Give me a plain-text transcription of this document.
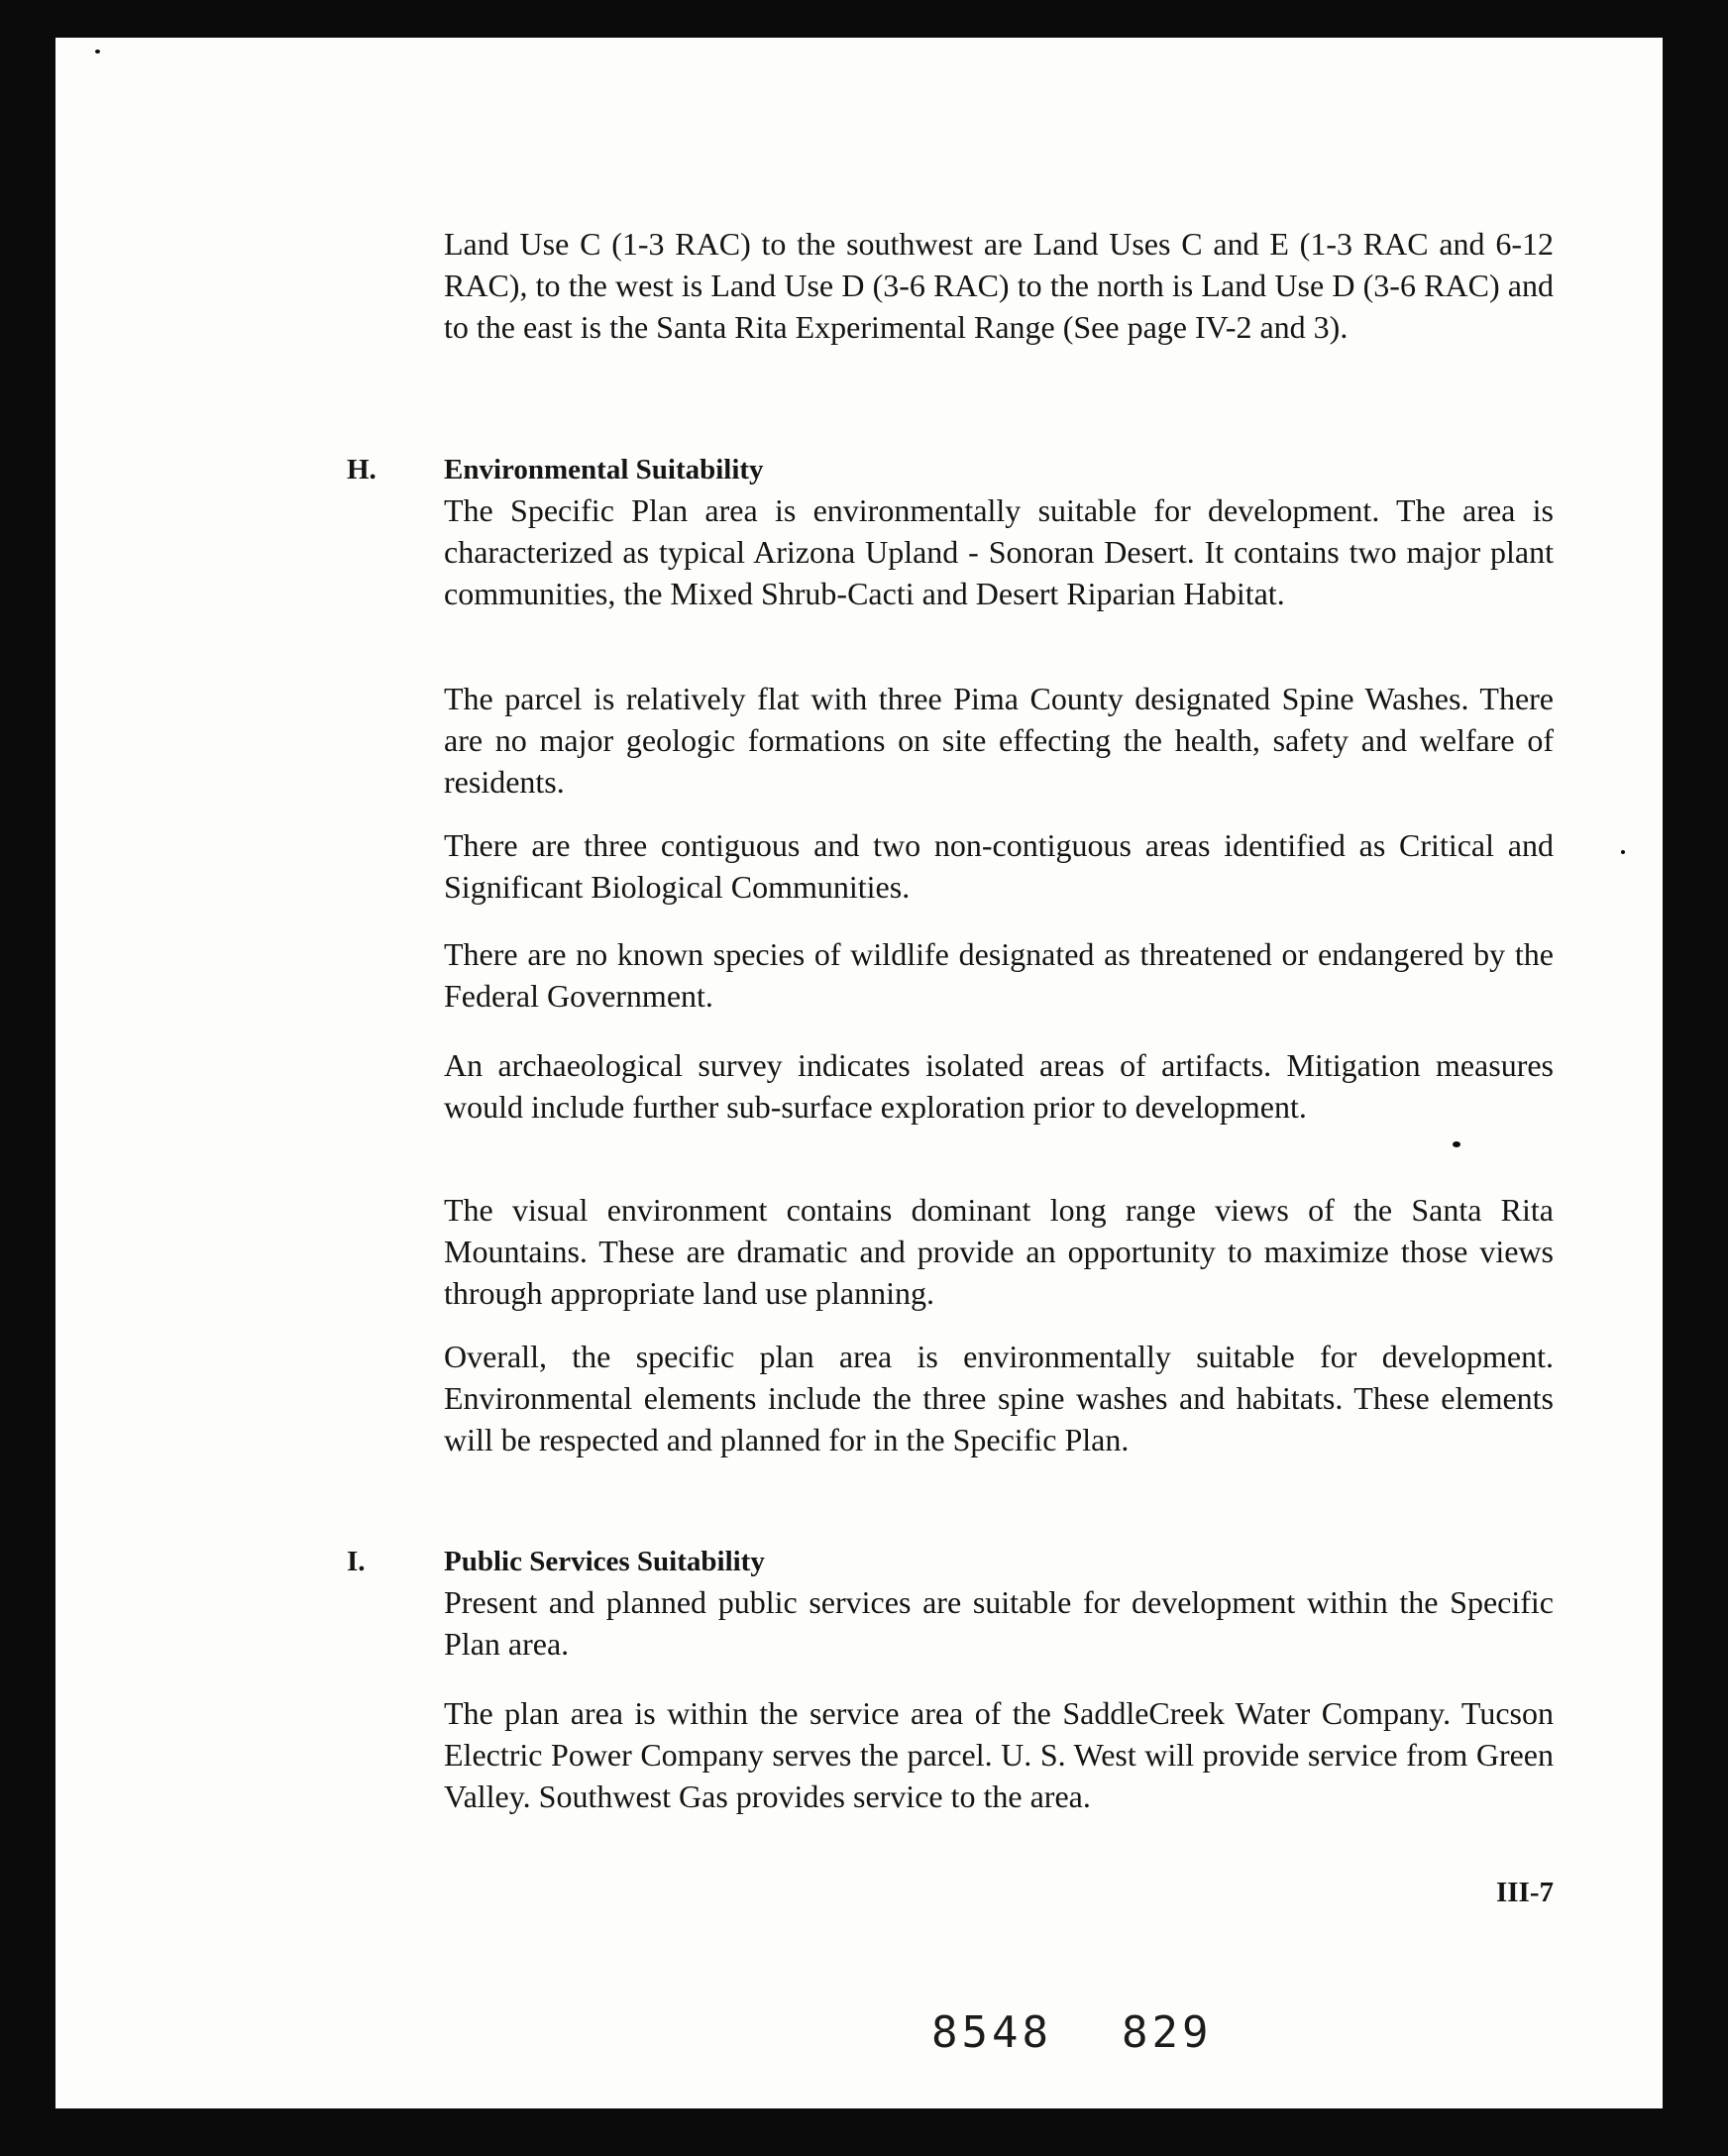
Land Use C (1-3 RAC) to the southwest are Land Uses C and E (1-3 RAC and 6-12 RAC), to the west is Land Use D (3-6 RAC) to the north is Land Use D (3-6 RAC) and to the east is the Santa Rita Experimental Range (See page IV-2 and 3).

H.	Environmental Suitability

The Specific Plan area is environmentally suitable for development. The area is characterized as typical Arizona Upland - Sonoran Desert. It contains two major plant communities, the Mixed Shrub-Cacti and Desert Riparian Habitat.

The parcel is relatively flat with three Pima County designated Spine Washes. There are no major geologic formations on site effecting the health, safety and welfare of residents.

There are three contiguous and two non-contiguous areas identified as Critical and Significant Biological Communities.

There are no known species of wildlife designated as threatened or endangered by the Federal Government.

An archaeological survey indicates isolated areas of artifacts. Mitigation measures would include further sub-surface exploration prior to development.

The visual environment contains dominant long range views of the Santa Rita Mountains. These are dramatic and provide an opportunity to maximize those views through appropriate land use planning.

Overall, the specific plan area is environmentally suitable for development. Environmental elements include the three spine washes and habitats. These elements will be respected and planned for in the Specific Plan.

I.	Public Services Suitability

Present and planned public services are suitable for development within the Specific Plan area.

The plan area is within the service area of the SaddleCreek Water Company. Tucson Electric Power Company serves the parcel. U. S. West will provide service from Green Valley. Southwest Gas provides service to the area.

III-7
8548 829
